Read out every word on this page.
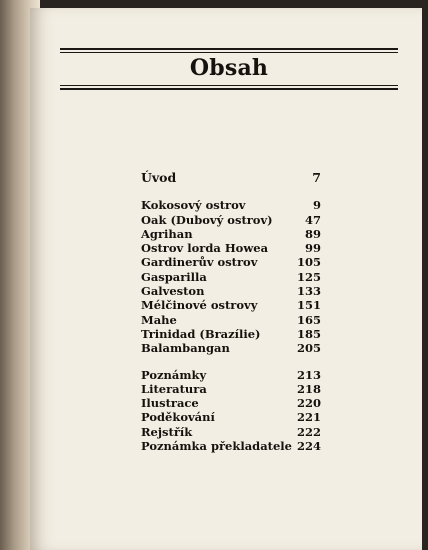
Obsah
Úvod	7
Kokosový ostrov	9
Oak (Dubový ostrov)	47
Agrihan	89
Ostrov lorda Howea	99
Gardinerův ostrov	105
Gasparilla	125
Galveston	133
Mélčinové ostrovy	151
Mahe	165
Trinidad (Brazílie)	185
Balambangan	205
Poznámky	213
Literatura	218
Ilustrace	220
Poděkování	221
Rejstřík	222
Poznámka překladatele 224
